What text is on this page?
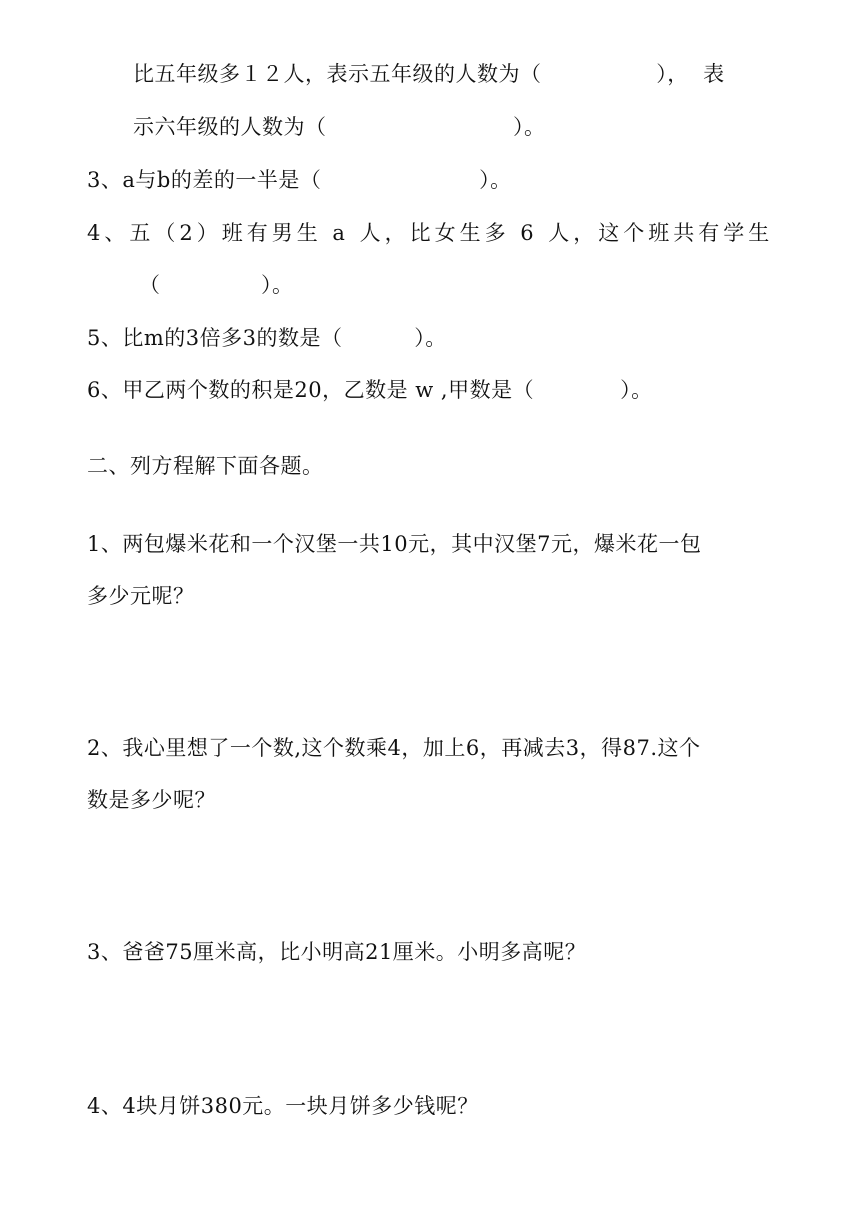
比五年级多１２人，表示五年级的人数为（                ），  表
示六年级的人数为（                          ）。
3、a与b的差的一半是（                      ）。
4、五（2）班有男生 a 人，比女生多 6 人，这个班共有学生
（              ）。
5、比m的3倍多3的数是（          ）。
6、甲乙两个数的积是20，乙数是 w ,甲数是（            ）。
二、列方程解下面各题。
1、两包爆米花和一个汉堡一共10元，其中汉堡7元，爆米花一包
多少元呢？
2、我心里想了一个数,这个数乘4，加上6，再减去3，得87.这个
数是多少呢？
3、爸爸75厘米高，比小明高21厘米。小明多高呢？
4、4块月饼380元。一块月饼多少钱呢？
